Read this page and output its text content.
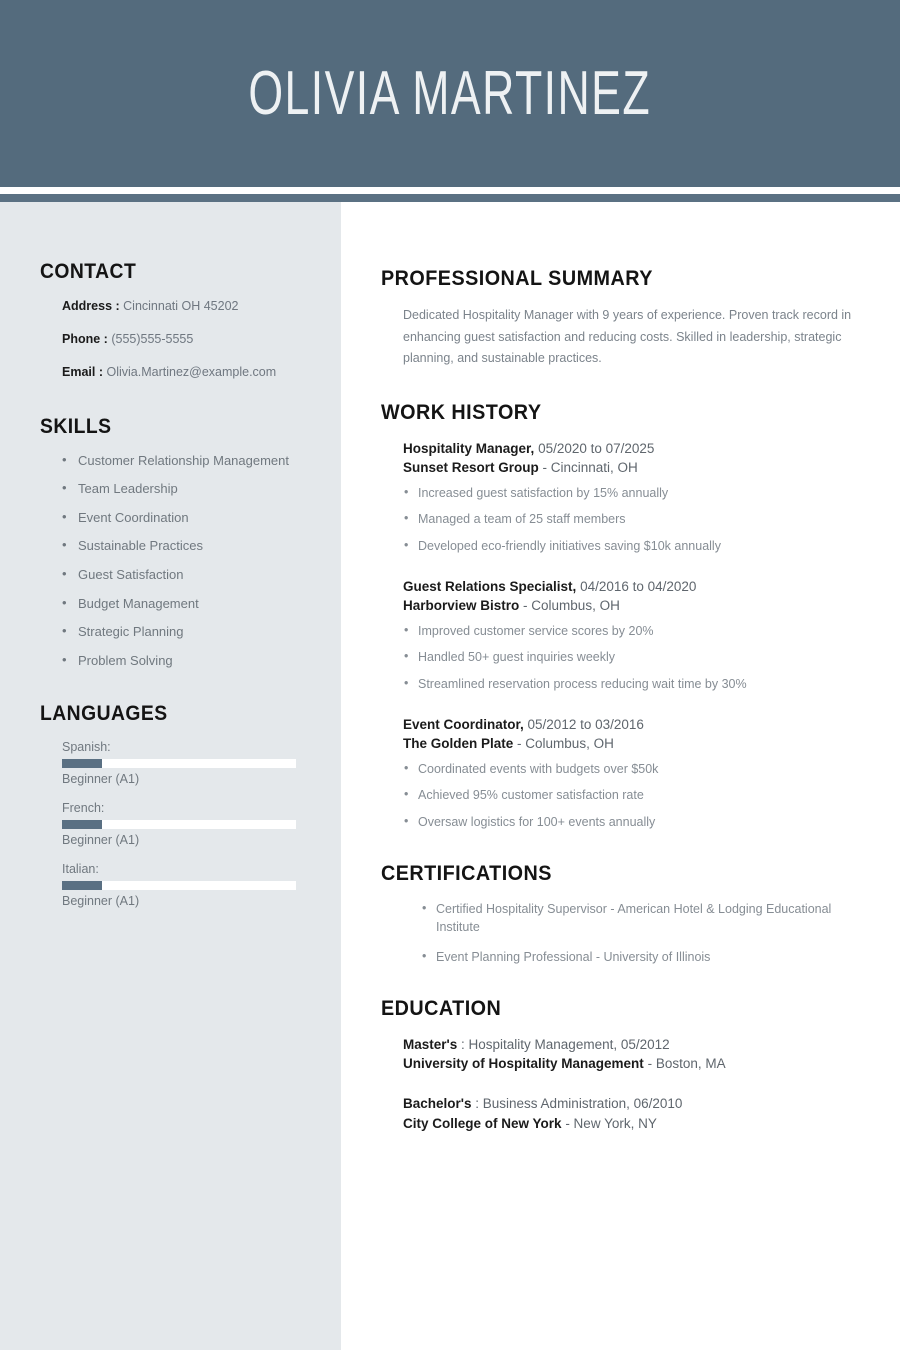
OLIVIA MARTINEZ
CONTACT
Address : Cincinnati OH 45202
Phone : (555)555-5555
Email : Olivia.Martinez@example.com
SKILLS
• Customer Relationship Management
• Team Leadership
• Event Coordination
• Sustainable Practices
• Guest Satisfaction
• Budget Management
• Strategic Planning
• Problem Solving
LANGUAGES
Spanish:
Beginner (A1)
French:
Beginner (A1)
Italian:
Beginner (A1)
PROFESSIONAL SUMMARY

Dedicated Hospitality Manager with 9 years of experience. Proven track record in enhancing guest satisfaction and reducing costs. Skilled in leadership, strategic planning, and sustainable practices.

WORK HISTORY
Hospitality Manager, 05/2020 to 07/2025
Sunset Resort Group - Cincinnati, OH
• Increased guest satisfaction by 15% annually
• Managed a team of 25 staff members
• Developed eco-friendly initiatives saving $10k annually
Guest Relations Specialist, 04/2016 to 04/2020
Harborview Bistro - Columbus, OH
• Improved customer service scores by 20%
• Handled 50+ guest inquiries weekly
• Streamlined reservation process reducing wait time by 30%
Event Coordinator, 05/2012 to 03/2016
The Golden Plate - Columbus, OH
• Coordinated events with budgets over $50k
• Achieved 95% customer satisfaction rate
• Oversaw logistics for 100+ events annually
CERTIFICATIONS
• Certified Hospitality Supervisor - American Hotel & Lodging Educational Institute
• Event Planning Professional - University of Illinois
EDUCATION
Master's : Hospitality Management, 05/2012
University of Hospitality Management - Boston, MA
Bachelor's : Business Administration, 06/2010
City College of New York - New York, NY
